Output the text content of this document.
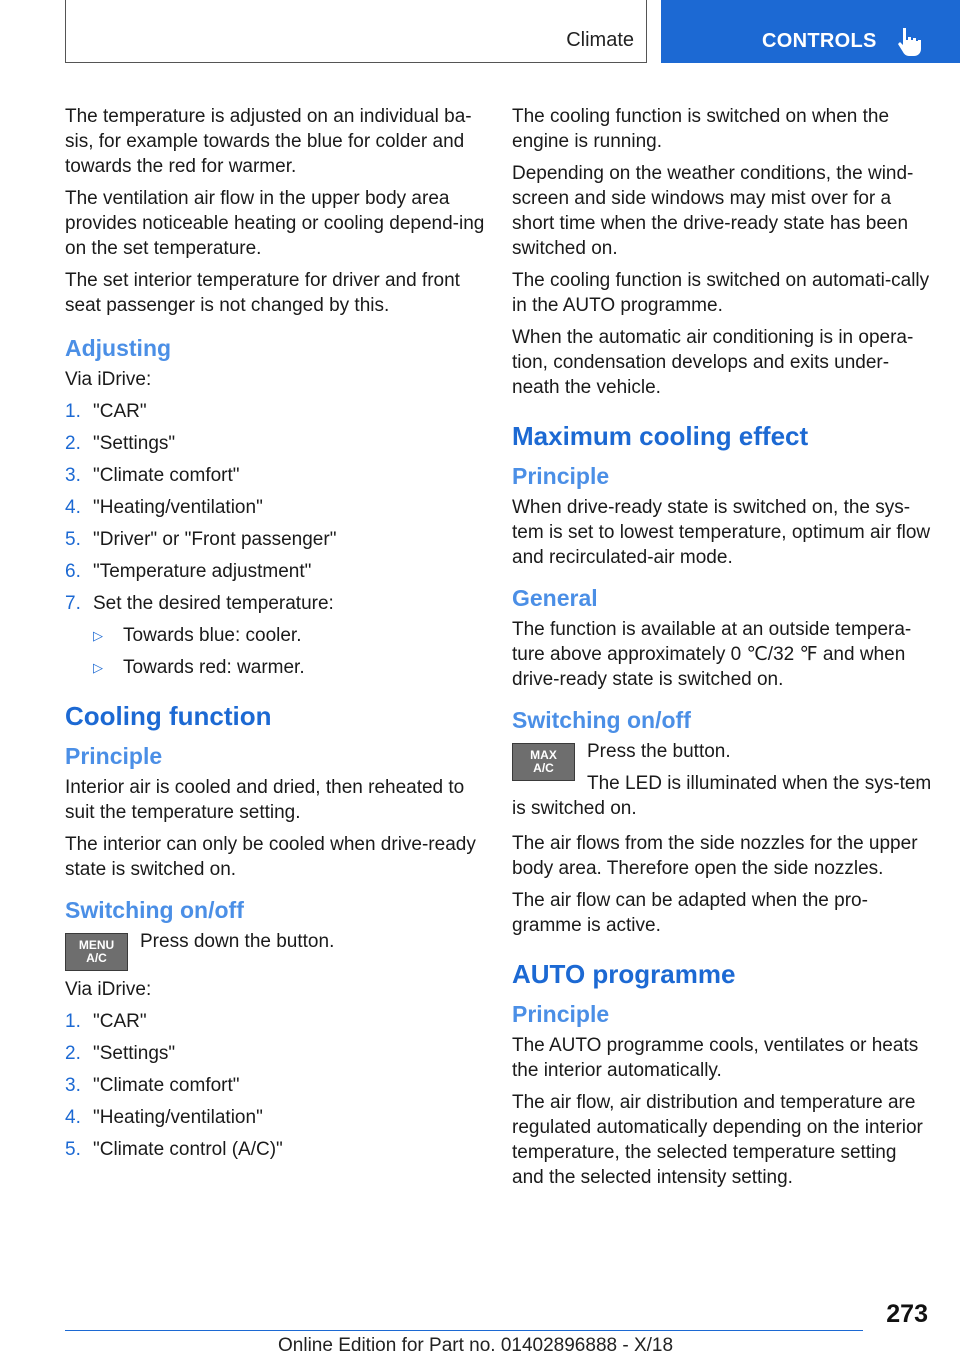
Climate	CONTROLS

The temperature is adjusted on an individual ba-sis, for example towards the blue for colder and towards the red for warmer.

The ventilation air flow in the upper body area provides noticeable heating or cooling depend-ing on the set temperature.

The set interior temperature for driver and front seat passenger is not changed by this.

Adjusting

Via iDrive:

1. "CAR"
2. "Settings"
3. "Climate comfort"
4. "Heating/ventilation"
5. "Driver" or "Front passenger"
6. "Temperature adjustment"
7. Set the desired temperature:
▷ Towards blue: cooler.
▷ Towards red: warmer.
Cooling function
Principle

Interior air is cooled and dried, then reheated to suit the temperature setting.

The interior can only be cooled when drive-ready state is switched on.

Switching on/off
MENU
A/C

Press down the button.

Via iDrive:

1. "CAR"
2. "Settings"
3. "Climate comfort"
4. "Heating/ventilation"
5. "Climate control (A/C)"

The cooling function is switched on when the engine is running.

Depending on the weather conditions, the wind-screen and side windows may mist over for a short time when the drive-ready state has been switched on.

The cooling function is switched on automati-cally in the AUTO programme.

When the automatic air conditioning is in opera-tion, condensation develops and exits under-neath the vehicle.

Maximum cooling effect
Principle

When drive-ready state is switched on, the sys-tem is set to lowest temperature, optimum air flow and recirculated-air mode.

General

The function is available at an outside tempera-ture above approximately 0 ℃/32 ℉ and when drive-ready state is switched on.

Switching on/off
MAX
A/C

Press the button.

The LED is illuminated when the sys-tem is switched on.

The air flows from the side nozzles for the upper body area. Therefore open the side nozzles.

The air flow can be adapted when the pro-gramme is active.

AUTO programme
Principle

The AUTO programme cools, ventilates or heats the interior automatically.

The air flow, air distribution and temperature are regulated automatically depending on the interior temperature, the selected temperature setting and the selected intensity setting.

273
Online Edition for Part no. 01402896888 - X/18
